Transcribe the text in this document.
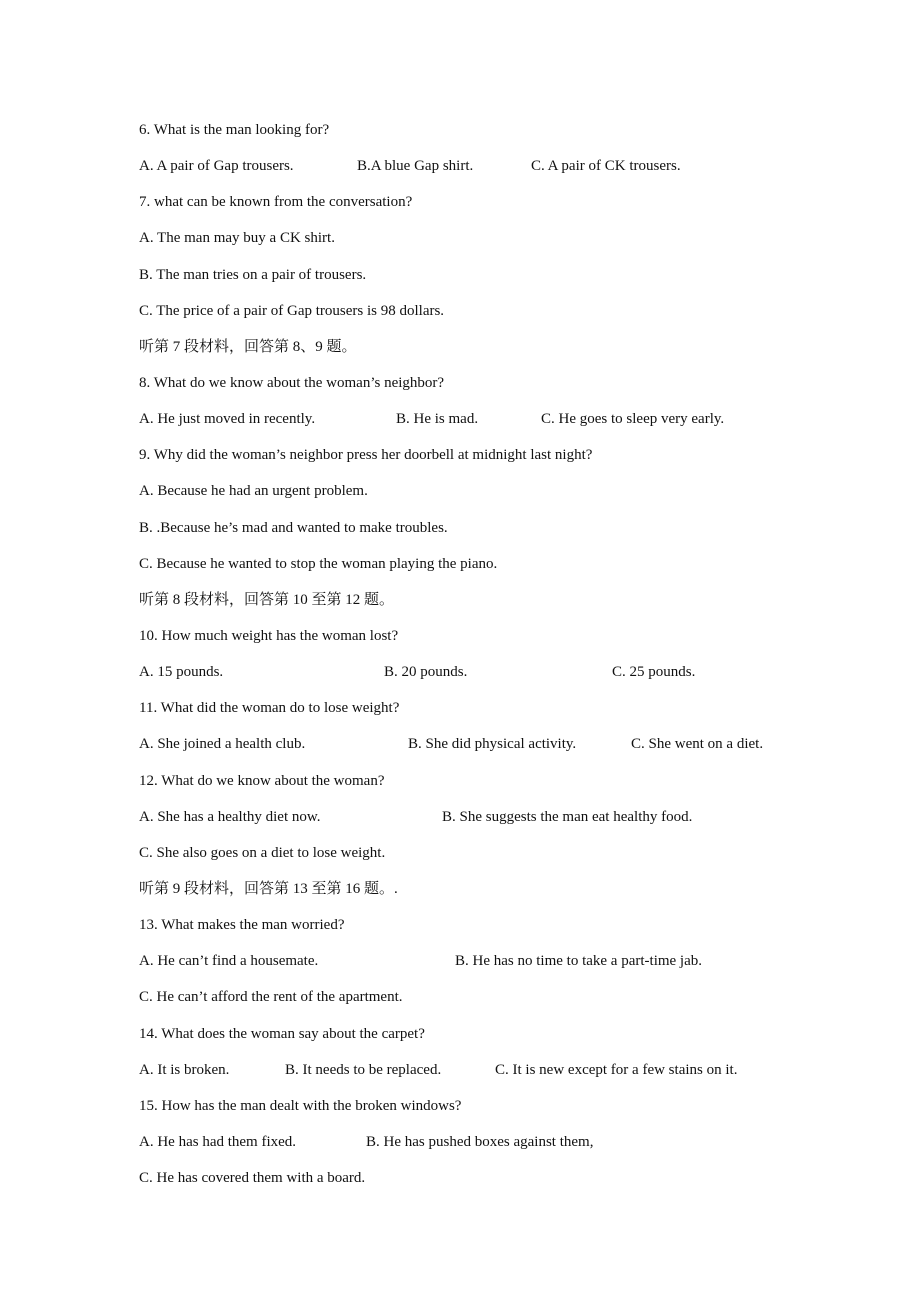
6. What is the man looking for?
A. A pair of Gap trousers.	B.A blue Gap shirt.	C. A pair of CK trousers.
7. what can be known from the conversation?
A. The man may buy a CK shirt.
B. The man tries on a pair of trousers.
C. The price of a pair of Gap trousers is 98 dollars.
听第 7 段材料，回答第 8、9 题。
8. What do we know about the woman’s neighbor?
A. He just moved in recently.	B. He is mad.	C. He goes to sleep very early.
9. Why did the woman’s neighbor press her doorbell at midnight last night?
A. Because he had an urgent problem.
B. .Because he’s mad and wanted to make troubles.
C. Because he wanted to stop the woman playing the piano.
听第 8 段材料，回答第 10 至第 12 题。
10. How much weight has the woman lost?
A. 15 pounds.	B. 20 pounds.	C. 25 pounds.
11. What did the woman do to lose weight?
A. She joined a health club.	B. She did physical activity.	C. She went on a diet.
12. What do we know about the woman?
A. She has a healthy diet now.	B. She suggests the man eat healthy food.
C. She also goes on a diet to lose weight.
听第 9 段材料，回答第 13 至第 16 题。.
13. What makes the man worried?
A. He can’t find a housemate.	B. He has no time to take a part-time jab.
C. He can’t afford the rent of the apartment.
14. What does the woman say about the carpet?
A. It is broken.	B. It needs to be replaced.	C. It is new except for a few stains on it.
15. How has the man dealt with the broken windows?
A. He has had them fixed.	B. He has pushed boxes against them,
C. He has covered them with a board.
